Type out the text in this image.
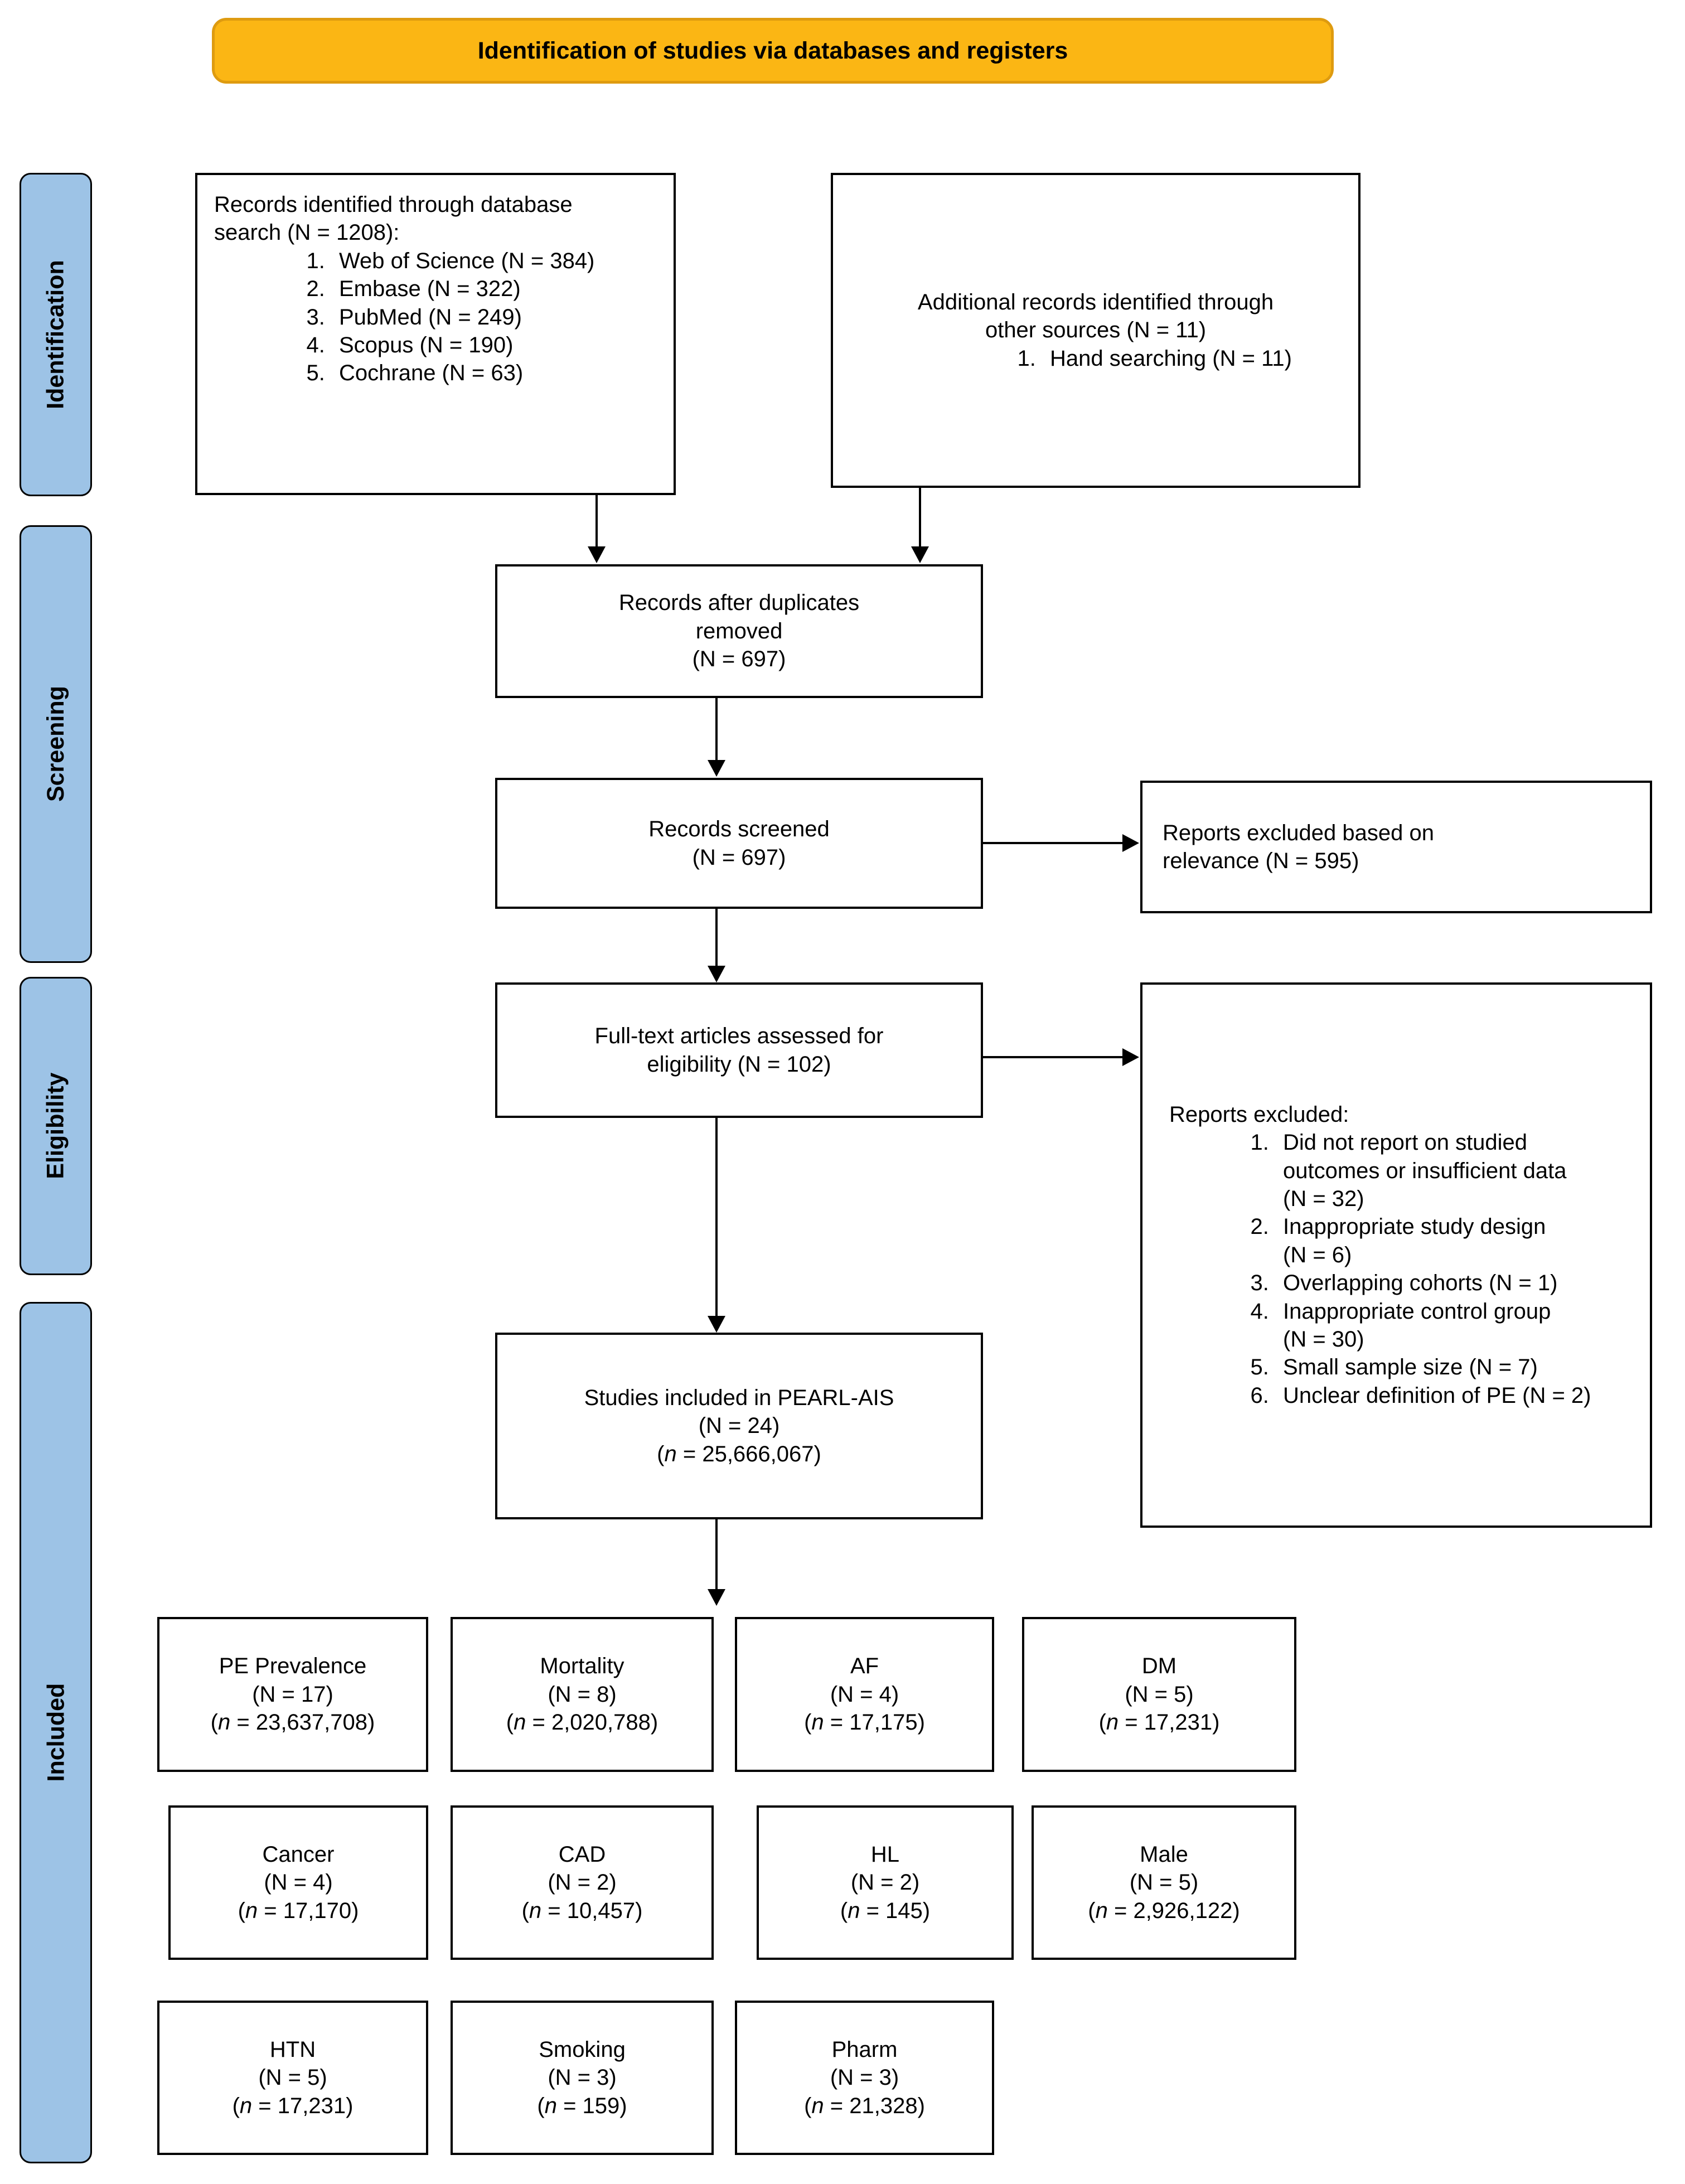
Identification of studies via databases and registers
Identification
Screening
Eligibility
Included
Records identified through database search (N = 1208):
1. Web of Science (N = 384)
2. Embase (N = 322)
3. PubMed (N = 249)
4. Scopus (N = 190)
5. Cochrane (N = 63)
Additional records identified through other sources (N = 11)
1. Hand searching (N = 11)
Records after duplicates removed
(N = 697)
Records screened
(N = 697)
Reports excluded based on relevance (N = 595)
Full-text articles assessed for eligibility (N = 102)
Reports excluded:
1. Did not report on studied outcomes or insufficient data (N = 32)
2. Inappropriate study design (N = 6)
3. Overlapping cohorts (N = 1)
4. Inappropriate control group (N = 30)
5. Small sample size (N = 7)
6. Unclear definition of PE (N = 2)
Studies included in PEARL-AIS
(N = 24)
(n = 25,666,067)
PE Prevalence
(N = 17)
(n = 23,637,708)
Mortality
(N = 8)
(n = 2,020,788)
AF
(N = 4)
(n = 17,175)
DM
(N = 5)
(n = 17,231)
Cancer
(N = 4)
(n = 17,170)
CAD
(N = 2)
(n = 10,457)
HL
(N = 2)
(n = 145)
Male
(N = 5)
(n = 2,926,122)
HTN
(N = 5)
(n = 17,231)
Smoking
(N = 3)
(n = 159)
Pharm
(N = 3)
(n = 21,328)
